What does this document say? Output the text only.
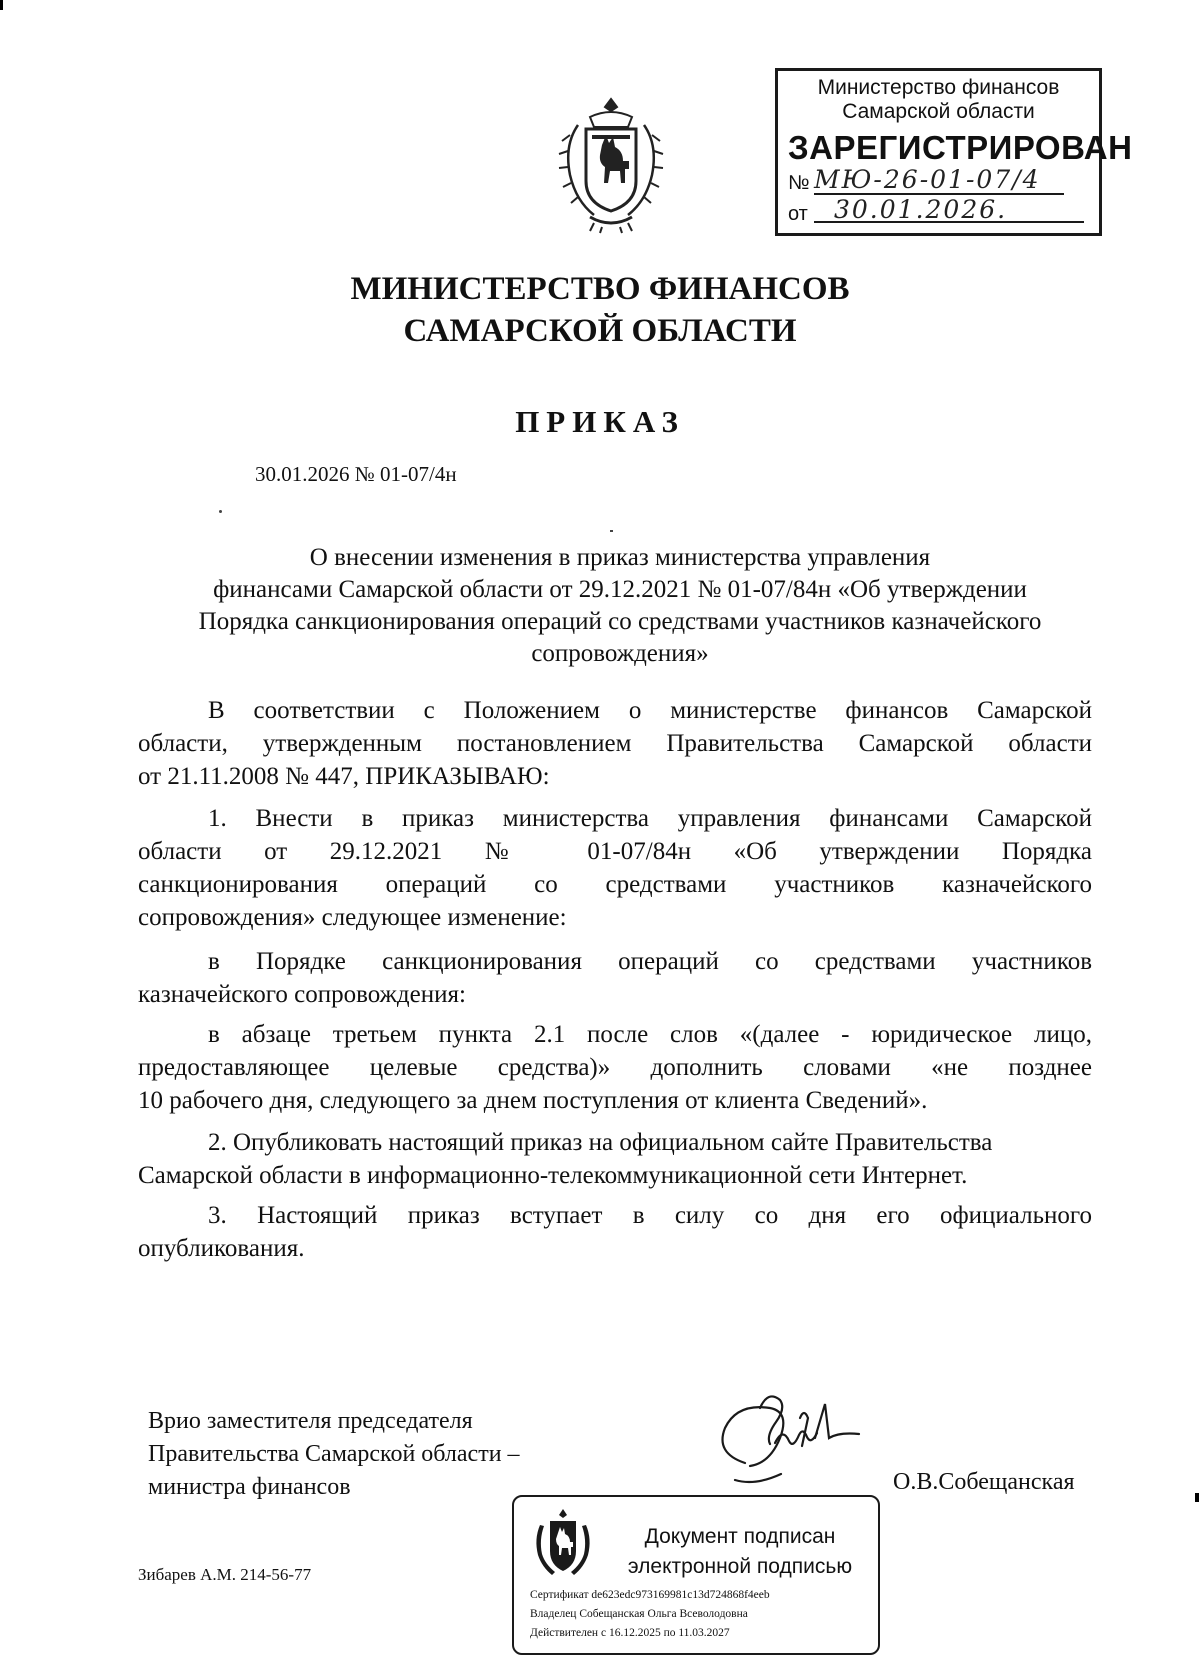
Министерство финансов
Самарской области
ЗАРЕГИСТРИРОВАН
№ МЮ-26-01-07/4
от	30.01.2026.
МИНИСТЕРСТВО ФИНАНСОВ
САМАРСКОЙ ОБЛАСТИ
ПРИКАЗ
30.01.2026 № 01-07/4н
О внесении изменения в приказ министерства управления
финансами Самарской области от 29.12.2021 № 01-07/84н «Об утверждении
Порядка санкционирования операций со средствами участников казначейского
сопровождения»
В соответствии с Положением о министерстве финансов Самарской
области, утвержденным постановлением Правительства Самарской области
от 21.11.2008 № 447, ПРИКАЗЫВАЮ:
1. Внести в приказ министерства управления финансами Самарской
области от 29.12.2021 № 01-07/84н «Об утверждении Порядка
санкционирования операций со средствами участников казначейского
сопровождения» следующее изменение:
в Порядке санкционирования операций со средствами участников
казначейского сопровождения:
в абзаце третьем пункта 2.1 после слов «(далее - юридическое лицо,
предоставляющее целевые средства)» дополнить словами «не позднее
10 рабочего дня, следующего за днем поступления от клиента Сведений».
2. Опубликовать настоящий приказ на официальном сайте Правительства
Самарской области в информационно-телекоммуникационной сети Интернет.
3. Настоящий приказ вступает в силу со дня его официального
опубликования.
Врио заместителя председателя
Правительства Самарской области –
министра финансов	О.В.Собещанская
Документ подписан
электронной подписью
Сертификат de623edc973169981c13d724868f4eeb
Владелец Собещанская Ольга Всеволодовна
Действителен с 16.12.2025 по 11.03.2027
Зибарев А.М. 214-56-77
